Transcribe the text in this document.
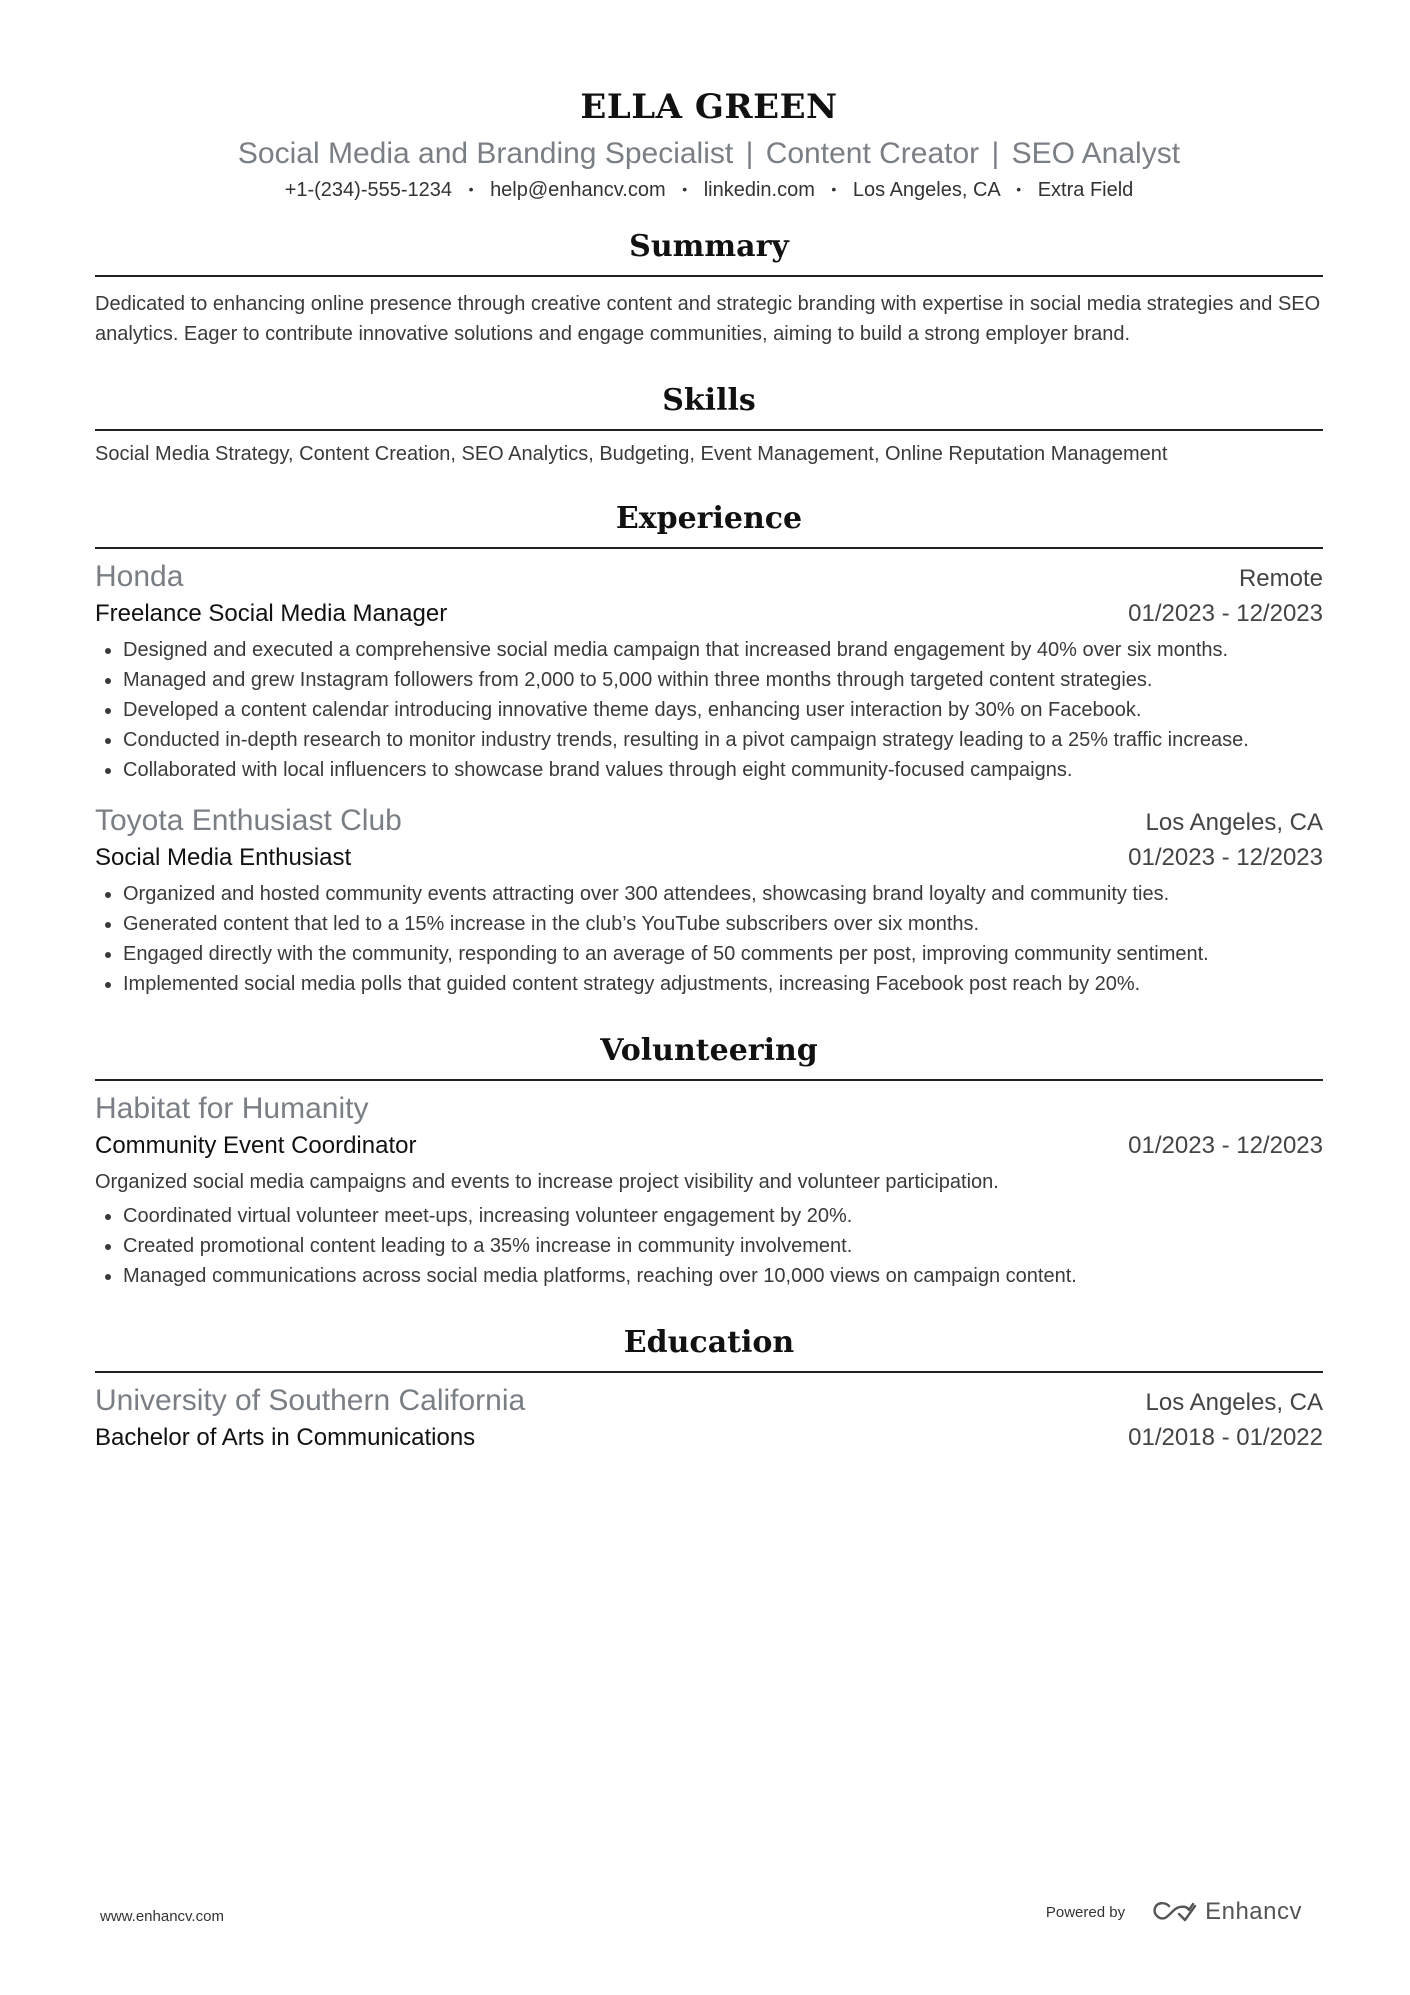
ELLA GREEN
Social Media and Branding Specialist | Content Creator | SEO Analyst
+1-(234)-555-1234 • help@enhancv.com • linkedin.com • Los Angeles, CA • Extra Field
Summary
Dedicated to enhancing online presence through creative content and strategic branding with expertise in social media strategies and SEO analytics. Eager to contribute innovative solutions and engage communities, aiming to build a strong employer brand.
Skills
Social Media Strategy, Content Creation, SEO Analytics, Budgeting, Event Management, Online Reputation Management
Experience
Honda	Remote
Freelance Social Media Manager	01/2023 - 12/2023
• Designed and executed a comprehensive social media campaign that increased brand engagement by 40% over six months.
• Managed and grew Instagram followers from 2,000 to 5,000 within three months through targeted content strategies.
• Developed a content calendar introducing innovative theme days, enhancing user interaction by 30% on Facebook.
• Conducted in-depth research to monitor industry trends, resulting in a pivot campaign strategy leading to a 25% traffic increase.
• Collaborated with local influencers to showcase brand values through eight community-focused campaigns.
Toyota Enthusiast Club	Los Angeles, CA
Social Media Enthusiast	01/2023 - 12/2023
• Organized and hosted community events attracting over 300 attendees, showcasing brand loyalty and community ties.
• Generated content that led to a 15% increase in the club’s YouTube subscribers over six months.
• Engaged directly with the community, responding to an average of 50 comments per post, improving community sentiment.
• Implemented social media polls that guided content strategy adjustments, increasing Facebook post reach by 20%.
Volunteering
Habitat for Humanity
Community Event Coordinator	01/2023 - 12/2023
Organized social media campaigns and events to increase project visibility and volunteer participation.
• Coordinated virtual volunteer meet-ups, increasing volunteer engagement by 20%.
• Created promotional content leading to a 35% increase in community involvement.
• Managed communications across social media platforms, reaching over 10,000 views on campaign content.
Education
University of Southern California	Los Angeles, CA
Bachelor of Arts in Communications	01/2018 - 01/2022
www.enhancv.com	Powered by	Enhancv
